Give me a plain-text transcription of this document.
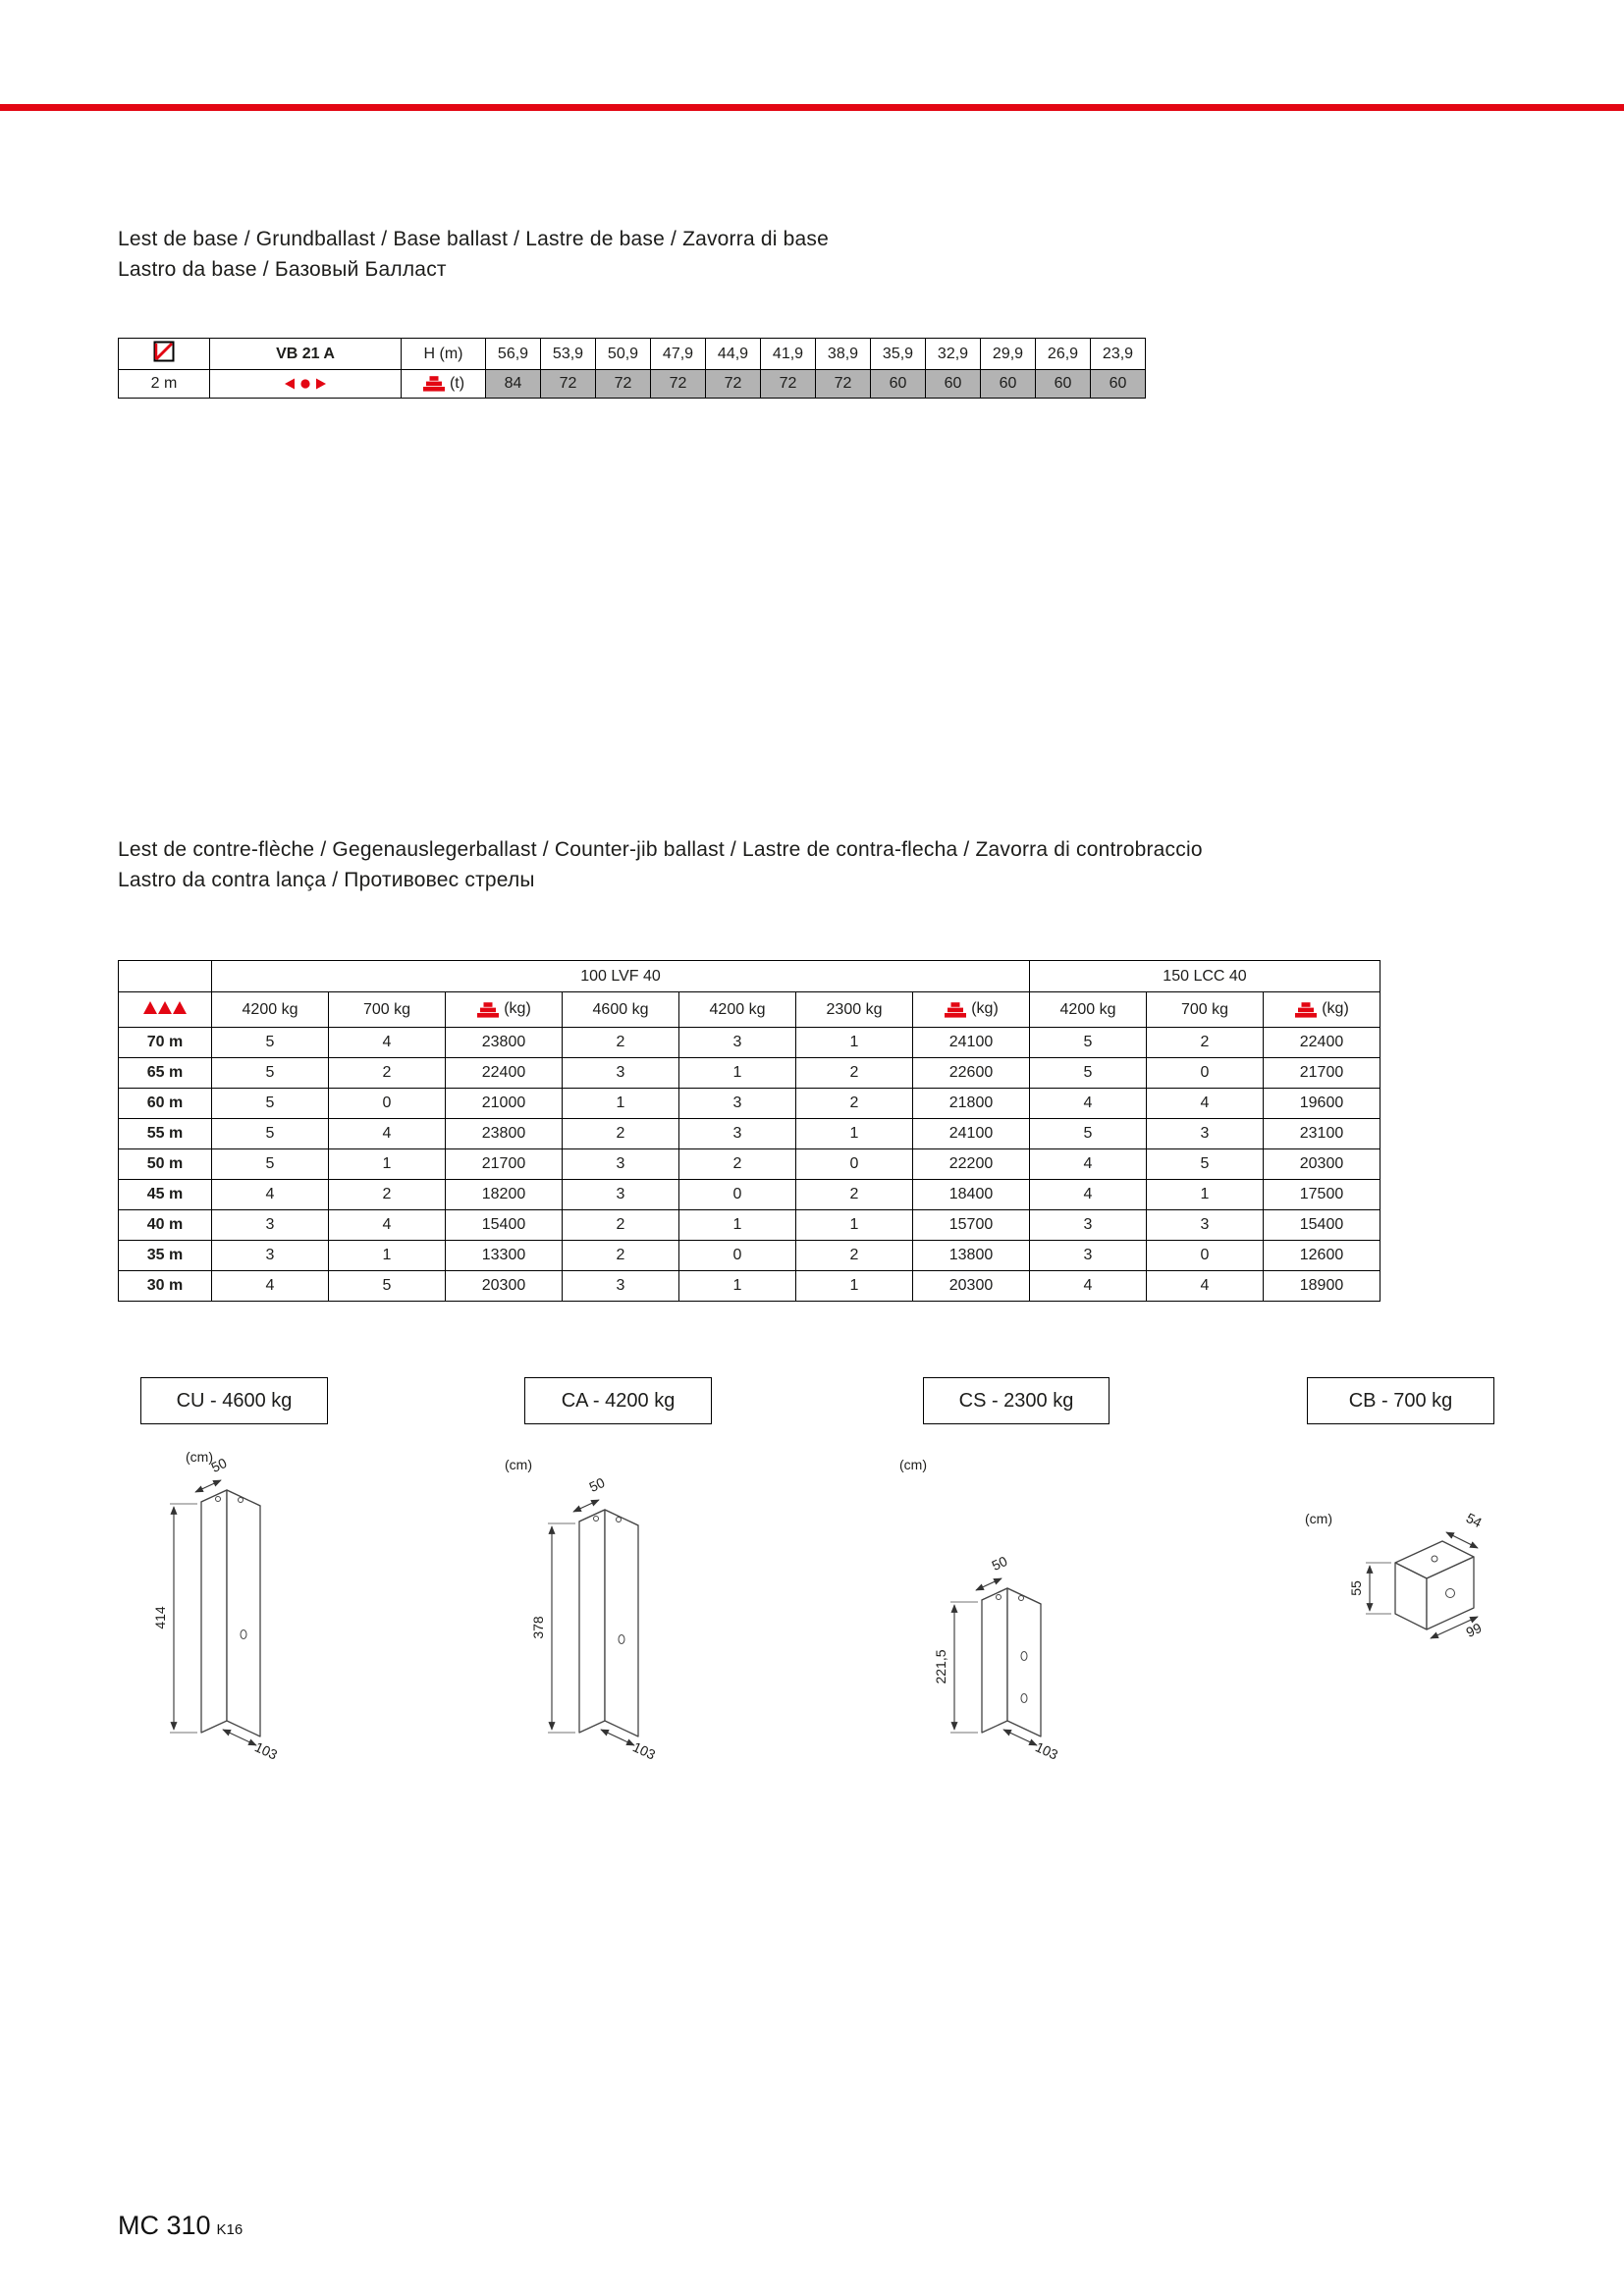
Lest de base / Grundballast / Base ballast / Lastre de base / Zavorra di base
Lastro da base / Базовый Балласт
	VB 21 A	H (m)	56,9	53,9	50,9	47,9	44,9	41,9	38,9	35,9	32,9	29,9	26,9	23,9
2 m		(t)	84	72	72	72	72	72	72	60	60	60	60	60
Lest de contre-flèche / Gegenauslegerballast / Counter-jib ballast / Lastre de contra-flecha / Zavorra di controbraccio
Lastro da contra lança / Противовес стрелы
	100 LVF 40							150 LCC 40		
	4200 kg	700 kg	(kg)	4600 kg	4200 kg	2300 kg	(kg)	4200 kg	700 kg	(kg)

70 m	5	4	23800	2	3	1	24100	5	2	22400
65 m	5	2	22400	3	1	2	22600	5	0	21700
60 m	5	0	21000	1	3	2	21800	4	4	19600
55 m	5	4	23800	2	3	1	24100	5	3	23100
50 m	5	1	21700	3	2	0	22200	4	5	20300
45 m	4	2	18200	3	0	2	18400	4	1	17500
40 m	3	4	15400	2	1	1	15700	3	3	15400
35 m	3	1	13300	2	0	2	13800	3	0	12600
30 m	4	5	20300	3	1	1	20300	4	4	18900
CU - 4600 kg	CA - 4200 kg	CS - 2300 kg	CB - 700 kg
(cm)
414
50
103
(cm)
378
50
103
(cm)
221,5
50
103
(cm)
55
54
99
MC 310 K16
